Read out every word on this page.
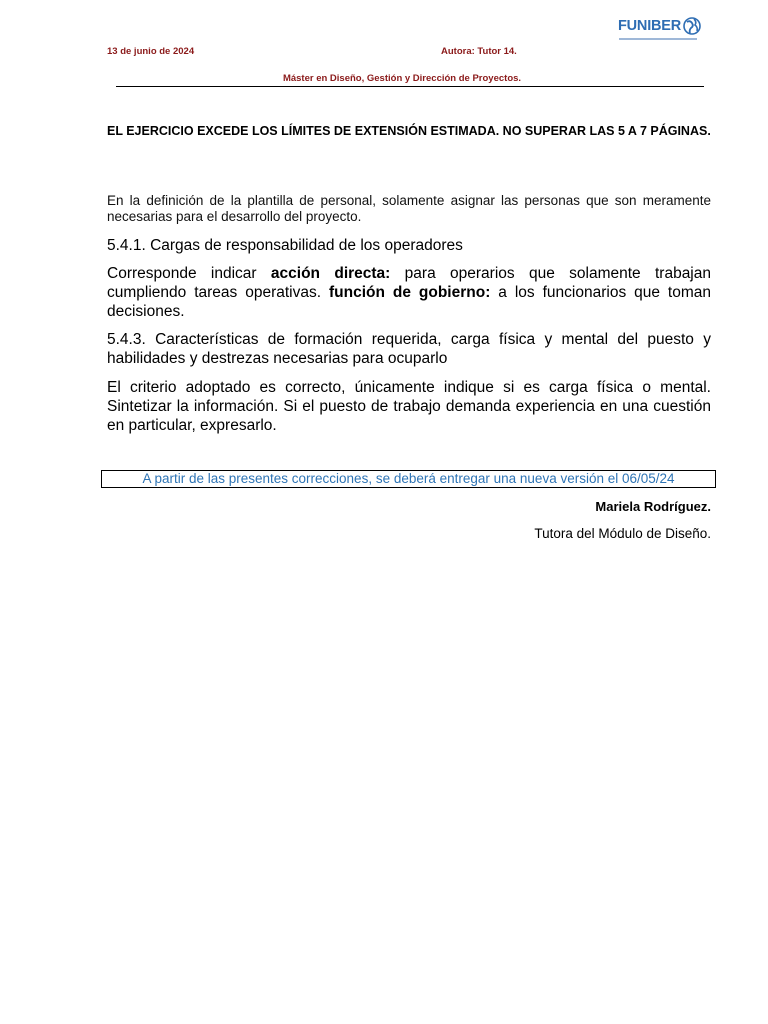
FUNIBER
13 de junio de 2024	Autora: Tutor 14.
Máster en Diseño, Gestión y Dirección de Proyectos.
EL EJERCICIO EXCEDE LOS LÍMITES DE EXTENSIÓN ESTIMADA. NO SUPERAR LAS 5 A 7 PÁGINAS.
En la definición de la plantilla de personal, solamente asignar las personas que son meramente necesarias para el desarrollo del proyecto.
5.4.1. Cargas de responsabilidad de los operadores
Corresponde indicar acción directa: para operarios que solamente trabajan cumpliendo tareas operativas. función de gobierno: a los funcionarios que toman decisiones.
5.4.3. Características de formación requerida, carga física y mental del puesto y habilidades y destrezas necesarias para ocuparlo
El criterio adoptado es correcto, únicamente indique si es carga física o mental. Sintetizar la información. Si el puesto de trabajo demanda experiencia en una cuestión en particular, expresarlo.
A partir de las presentes correcciones, se deberá entregar una nueva versión el 06/05/24
Mariela Rodríguez.
Tutora del Módulo de Diseño.
